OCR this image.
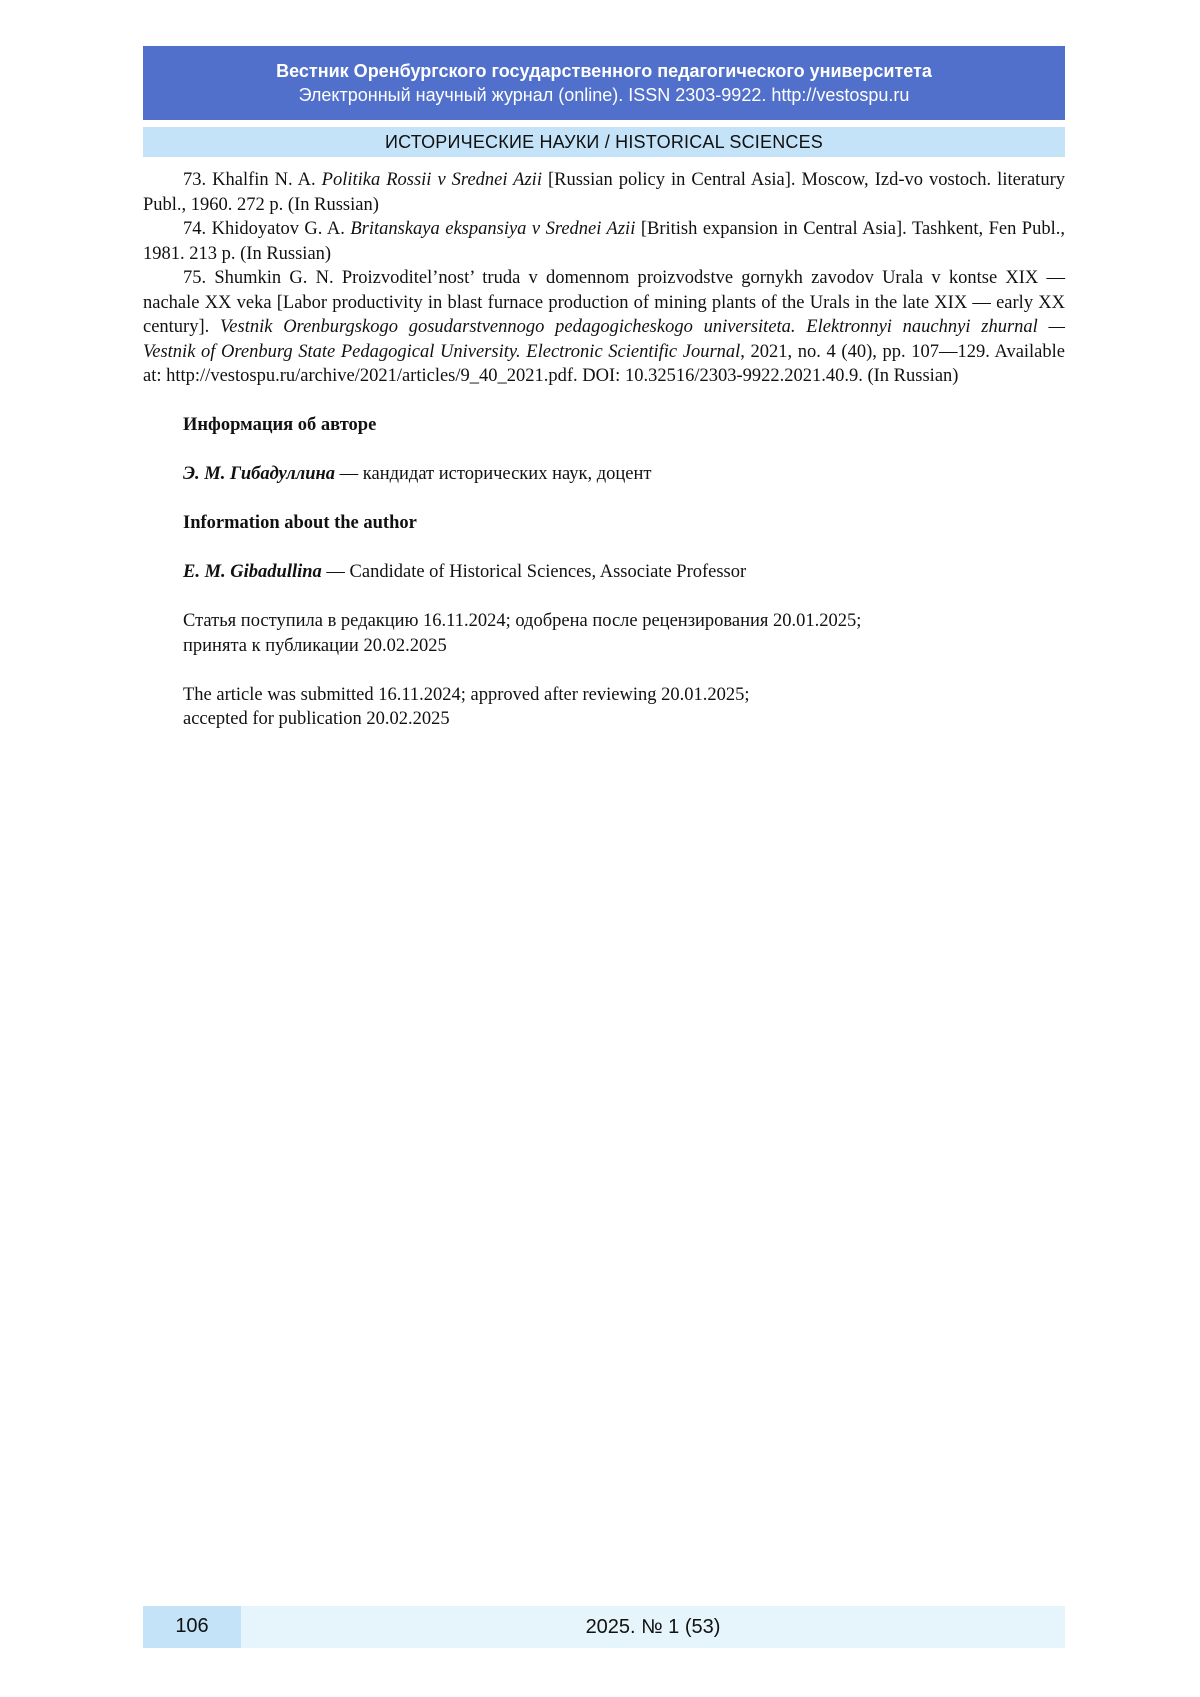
Вестник Оренбургского государственного педагогического университета
Электронный научный журнал (online). ISSN 2303-9922. http://vestospu.ru
ИСТОРИЧЕСКИЕ НАУКИ / HISTORICAL SCIENCES

73. Khalfin N. A. Politika Rossii v Srednei Azii [Russian policy in Central Asia]. Moscow, Izd-vo vostoch. literatury Publ., 1960. 272 p. (In Russian)

74. Khidoyatov G. A. Britanskaya ekspansiya v Srednei Azii [British expansion in Central Asia]. Tashkent, Fen Publ., 1981. 213 p. (In Russian)

75. Shumkin G. N. Proizvoditel’nost’ truda v domennom proizvodstve gornykh zavodov Urala v kontse XIX — nachale XX veka [Labor productivity in blast furnace production of mining plants of the Urals in the late XIX — early XX century]. Vestnik Orenburgskogo gosudarstvennogo pedagogicheskogo universiteta. Elektronnyi nauchnyi zhurnal — Vestnik of Orenburg State Pedagogical University. Electronic Scientific Journal, 2021, no. 4 (40), pp. 107—129. Available at: http://vestospu.ru/archive/2021/articles/9_40_2021.pdf. DOI: 10.32516/2303-9922.2021.40.9. (In Russian)

Информация об авторе

Э. М. Гибадуллина — кандидат исторических наук, доцент

Information about the author

E. M. Gibadullina — Candidate of Historical Sciences, Associate Professor

Статья поступила в редакцию 16.11.2024; одобрена после рецензирования 20.01.2025;

принята к публикации 20.02.2025

The article was submitted 16.11.2024; approved after reviewing 20.01.2025;

accepted for publication 20.02.2025

106	2025. № 1 (53)
